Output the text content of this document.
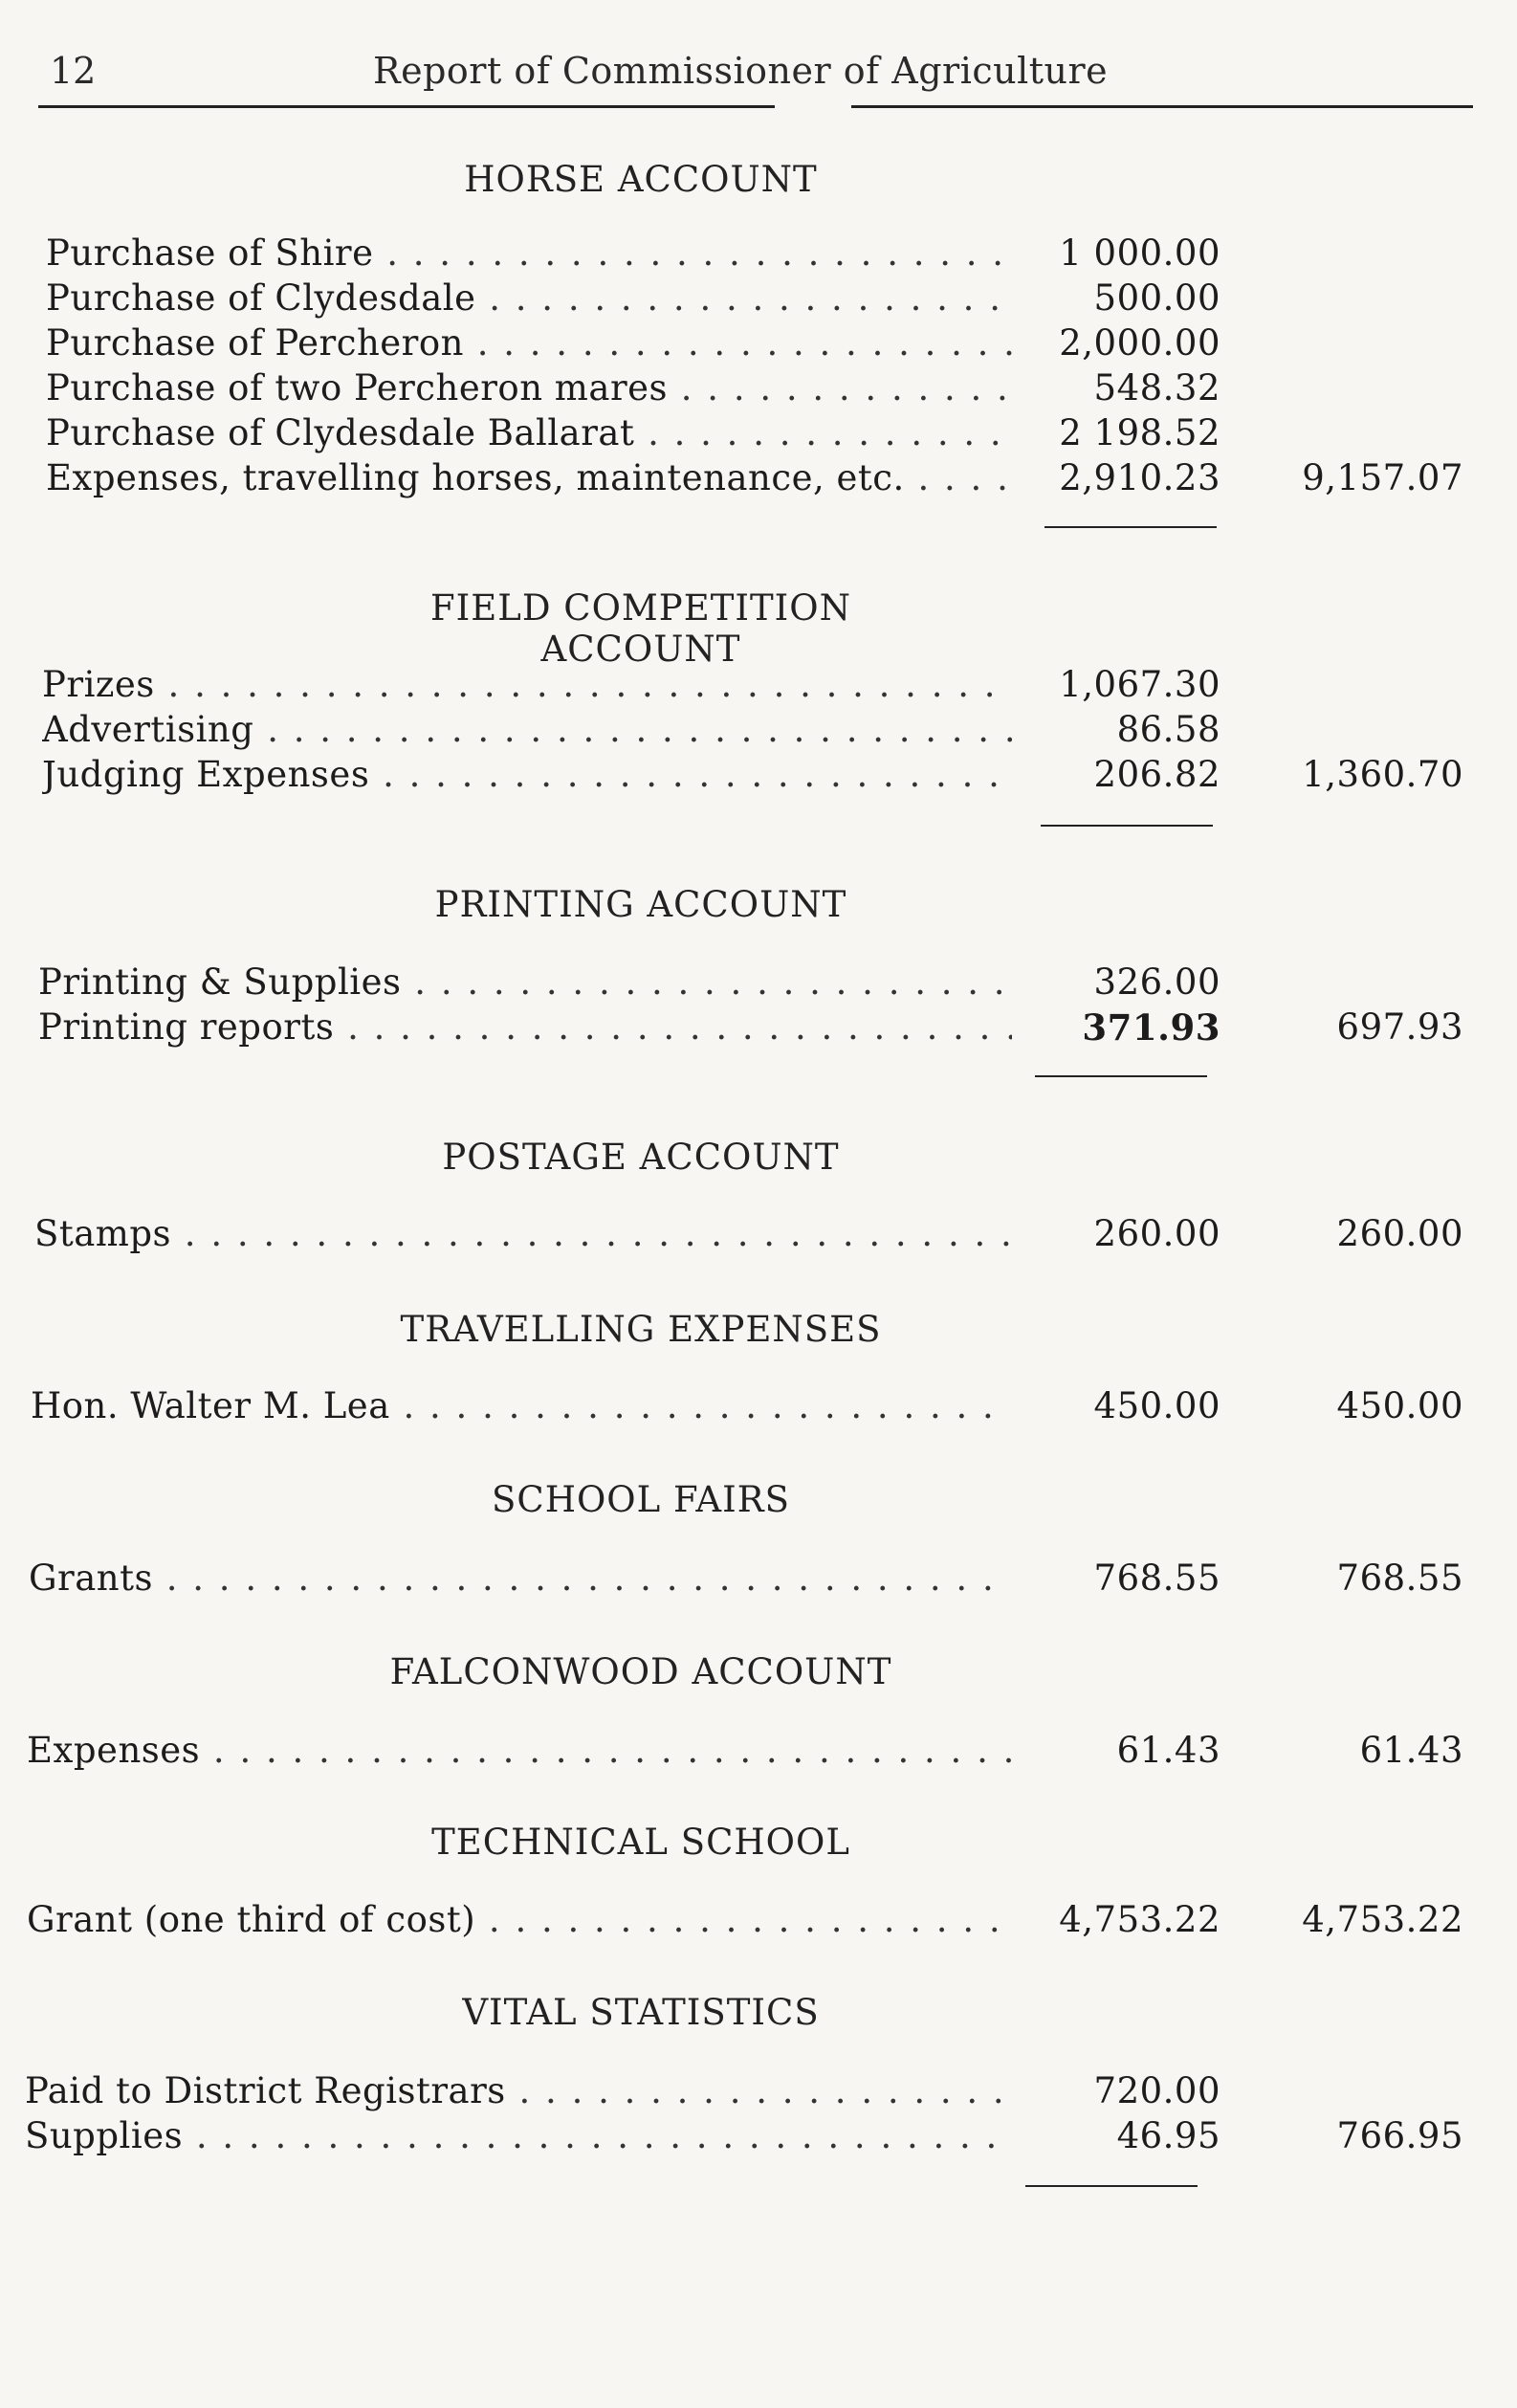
12	Report of Commissioner of Agriculture
HORSE ACCOUNT
Purchase of Shire . . .	1 000.00
Purchase of Clydesdale . . .	500.00
Purchase of Percheron . . .	2,000.00
Purchase of two Percheron mares . . .	548.32
Purchase of Clydesdale Ballarat . . .	2 198.52
Expenses, travelling horses, maintenance, etc. . . .	2,910.23	9,157.07
FIELD COMPETITION ACCOUNT
Prizes . . .	1,067.30
Advertising . . .	86.58
Judging Expenses . . .	206.82	1,360.70
PRINTING ACCOUNT
Printing & Supplies . . .	326.00
Printing reports . . .	371.93	697.93
POSTAGE ACCOUNT
Stamps . . .	260.00	260.00
TRAVELLING EXPENSES
Hon. Walter M. Lea . . .	450.00	450.00
SCHOOL FAIRS
Grants . . .	768.55	768.55
FALCONWOOD ACCOUNT
Expenses . . .	61.43	61.43
TECHNICAL SCHOOL
Grant (one third of cost) . . .	4,753.22	4,753.22
VITAL STATISTICS
Paid to District Registrars . . .	720.00
Supplies . . .	46.95	766.95
